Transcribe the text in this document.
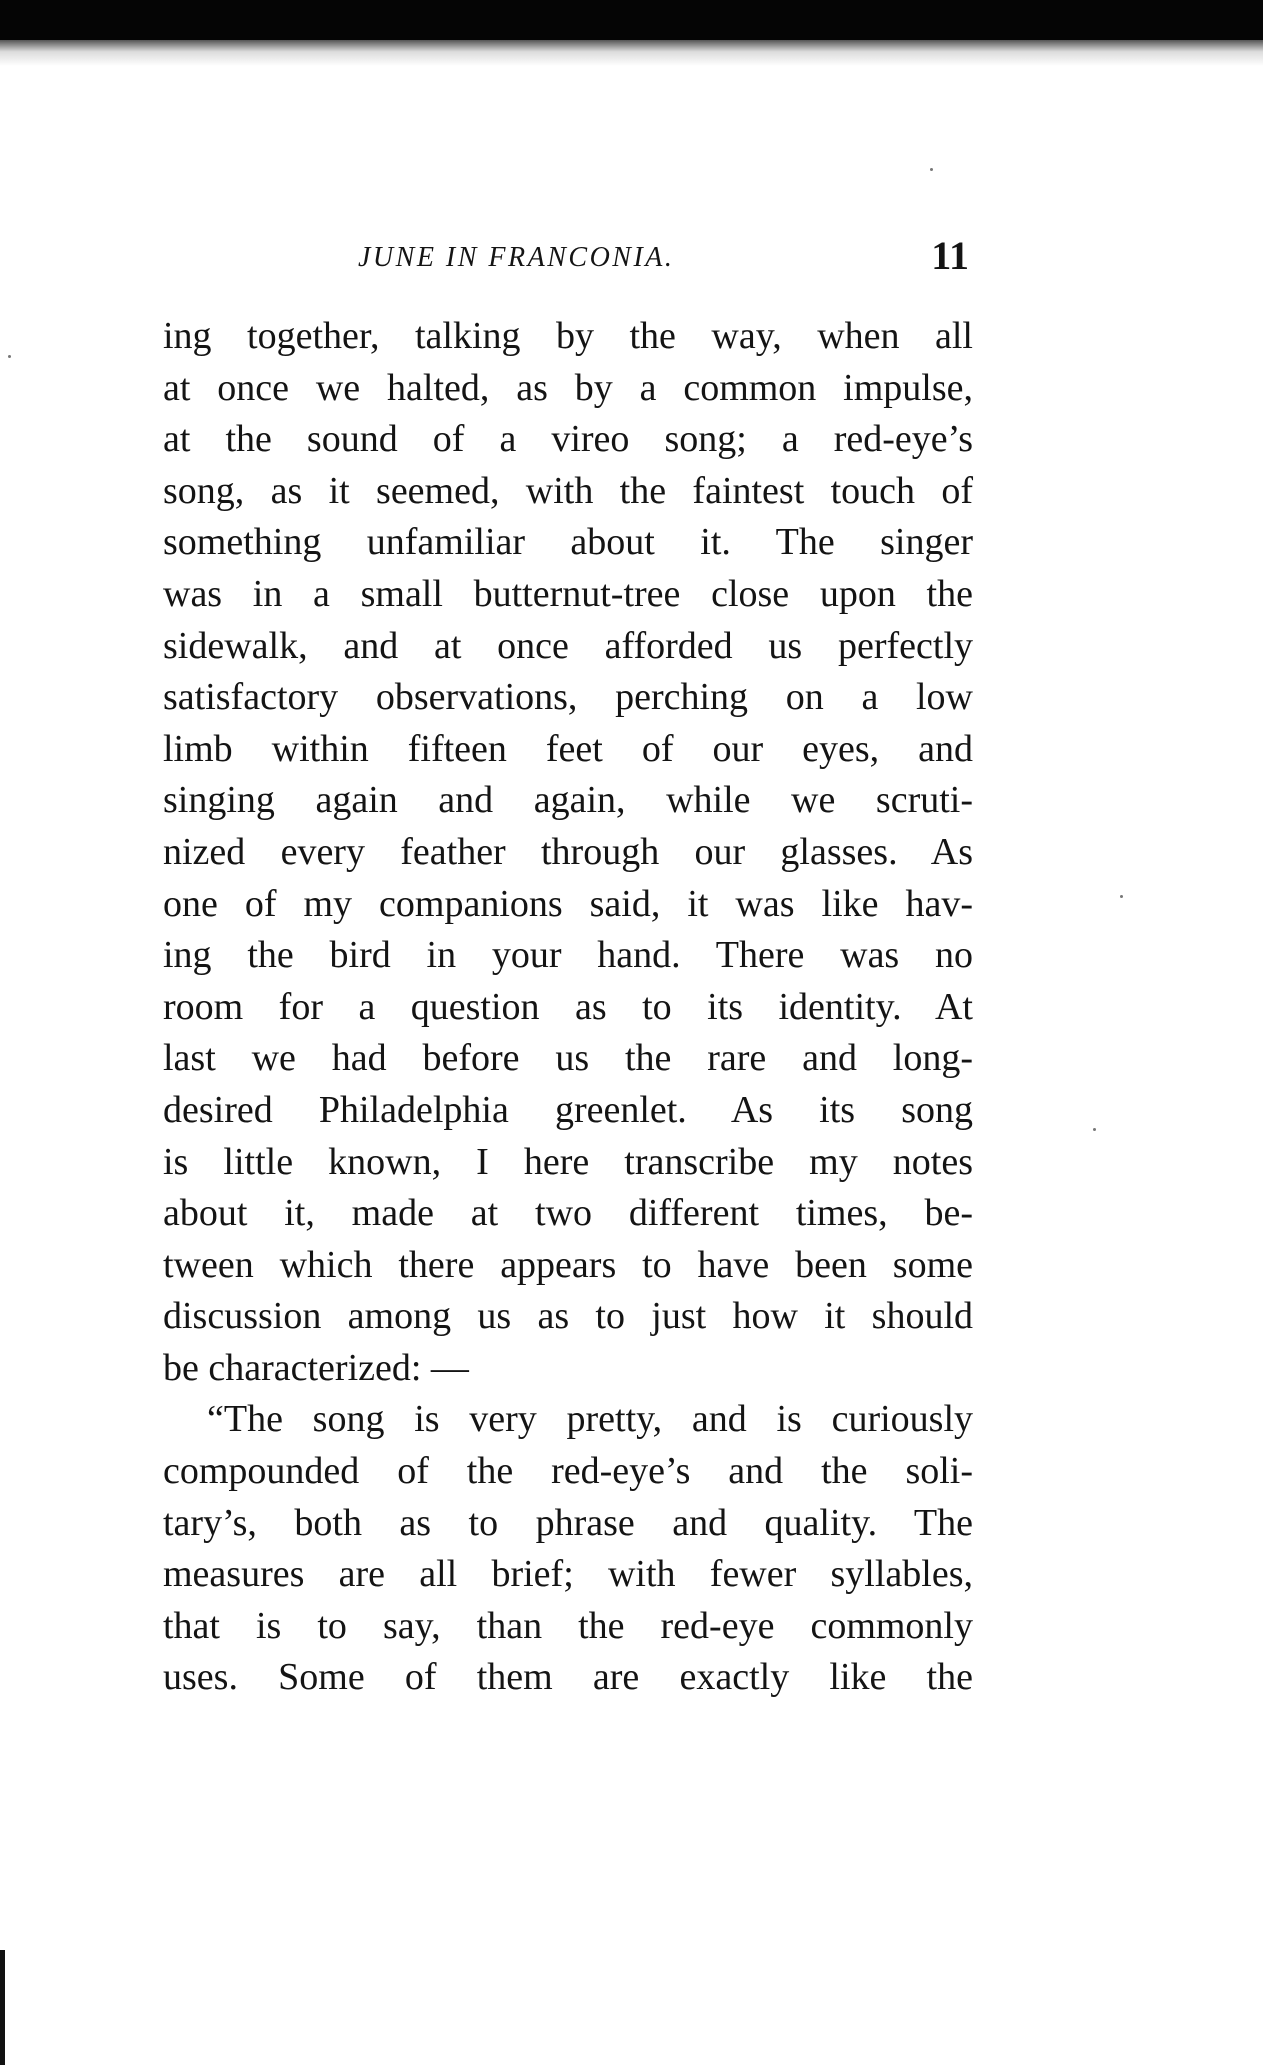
JUNE IN FRANCONIA.	11
ing together, talking by the way, when all
at once we halted, as by a common impulse,
at the sound of a vireo song; a red-eye’s
song, as it seemed, with the faintest touch of
something unfamiliar about it. The singer
was in a small butternut-tree close upon the
sidewalk, and at once afforded us perfectly
satisfactory observations, perching on a low
limb within fifteen feet of our eyes, and
singing again and again, while we scruti-
nized every feather through our glasses. As
one of my companions said, it was like hav-
ing the bird in your hand. There was no
room for a question as to its identity. At
last we had before us the rare and long-
desired Philadelphia greenlet. As its song
is little known, I here transcribe my notes
about it, made at two different times, be-
tween which there appears to have been some
discussion among us as to just how it should
be characterized: —
“The song is very pretty, and is curiously
compounded of the red-eye’s and the soli-
tary’s, both as to phrase and quality. The
measures are all brief; with fewer syllables,
that is to say, than the red-eye commonly
uses. Some of them are exactly like the
